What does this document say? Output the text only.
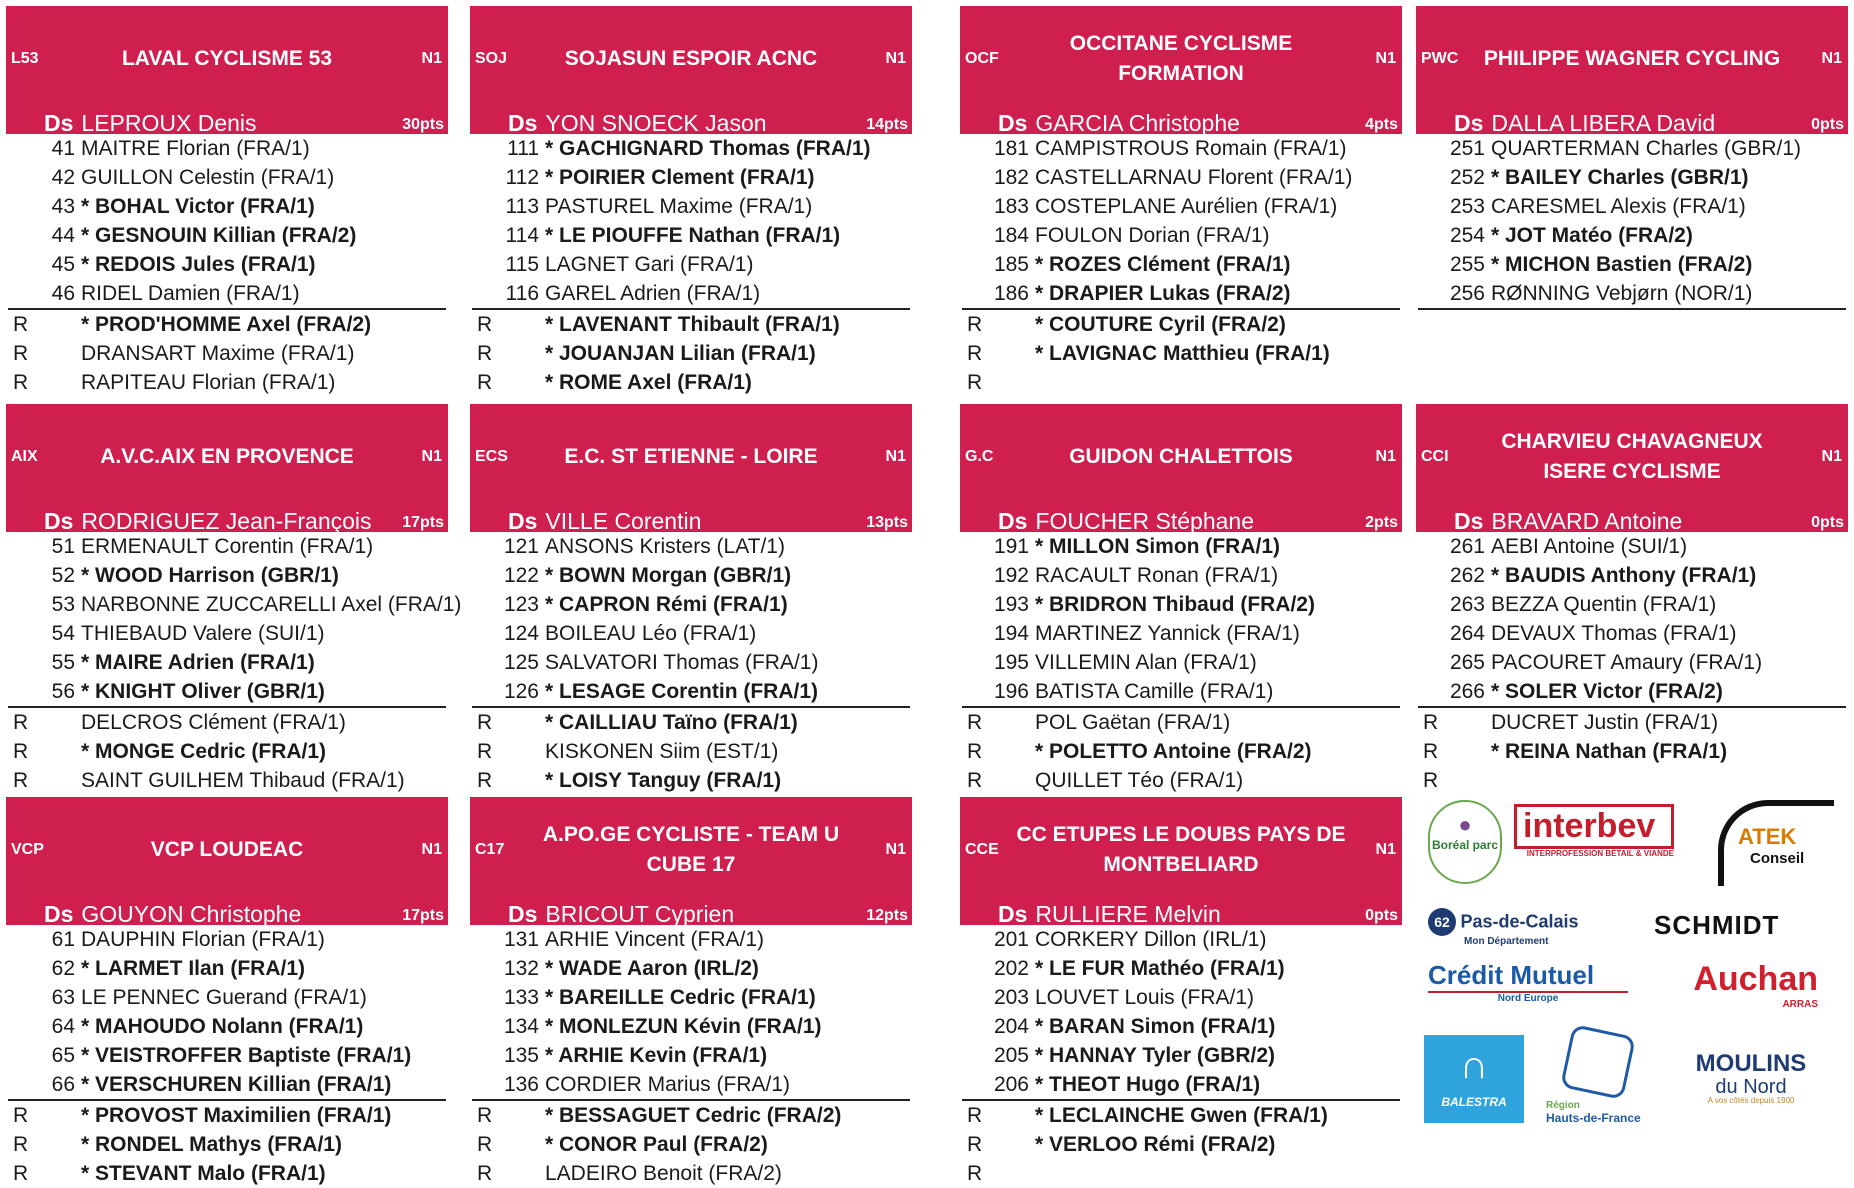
L53	LAVAL CYCLISME 53	N1
Ds LEPROUX Denis	30pts
41 MAITRE Florian (FRA/1)
42 GUILLON Celestin (FRA/1)
43 * BOHAL Victor (FRA/1)
44 * GESNOUIN Killian (FRA/2)
45 * REDOIS Jules (FRA/1)
46 RIDEL Damien (FRA/1)
R	* PROD'HOMME Axel (FRA/2)
R	DRANSART Maxime (FRA/1)
R	RAPITEAU Florian (FRA/1)
SOJ	SOJASUN ESPOIR ACNC	N1
Ds YON SNOECK Jason	14pts
111 * GACHIGNARD Thomas (FRA/1)
112 * POIRIER Clement (FRA/1)
113 PASTUREL Maxime (FRA/1)
114 * LE PIOUFFE Nathan (FRA/1)
115 LAGNET Gari (FRA/1)
116 GAREL Adrien (FRA/1)
R	* LAVENANT Thibault (FRA/1)
R	* JOUANJAN Lilian (FRA/1)
R	* ROME Axel (FRA/1)
OCF
OCCITANE CYCLISME FORMATION
N1
Ds GARCIA Christophe	4pts
181 CAMPISTROUS Romain (FRA/1)
182 CASTELLARNAU Florent (FRA/1)
183 COSTEPLANE Aurélien (FRA/1)
184 FOULON Dorian (FRA/1)
185 * ROZES Clément (FRA/1)
186 * DRAPIER Lukas (FRA/2)
R	* COUTURE Cyril (FRA/2)
R	* LAVIGNAC Matthieu (FRA/1)
R
PWC	PHILIPPE WAGNER CYCLING	N1
Ds DALLA LIBERA David	0pts
251 QUARTERMAN Charles (GBR/1)
252 * BAILEY Charles (GBR/1)
253 CARESMEL Alexis (FRA/1)
254 * JOT Matéo (FRA/2)
255 * MICHON Bastien (FRA/2)
256 RØNNING Vebjørn (NOR/1)
AIX	A.V.C.AIX EN PROVENCE	N1
Ds RODRIGUEZ Jean-François	17pts
51 ERMENAULT Corentin (FRA/1)
52 * WOOD Harrison (GBR/1)
53 NARBONNE ZUCCARELLI Axel (FRA/1)
54 THIEBAUD Valere (SUI/1)
55 * MAIRE Adrien (FRA/1)
56 * KNIGHT Oliver (GBR/1)
R	DELCROS Clément (FRA/1)
R	* MONGE Cedric (FRA/1)
R	SAINT GUILHEM Thibaud (FRA/1)
ECS	E.C. ST ETIENNE - LOIRE	N1
Ds VILLE Corentin	13pts
121 ANSONS Kristers (LAT/1)
122 * BOWN Morgan (GBR/1)
123 * CAPRON Rémi (FRA/1)
124 BOILEAU Léo (FRA/1)
125 SALVATORI Thomas (FRA/1)
126 * LESAGE Corentin (FRA/1)
R	* CAILLIAU Taïno (FRA/1)
R	KISKONEN Siim (EST/1)
R	* LOISY Tanguy (FRA/1)
G.C	GUIDON CHALETTOIS	N1
Ds FOUCHER Stéphane	2pts
191 * MILLON Simon (FRA/1)
192 RACAULT Ronan (FRA/1)
193 * BRIDRON Thibaud (FRA/2)
194 MARTINEZ Yannick (FRA/1)
195 VILLEMIN Alan (FRA/1)
196 BATISTA Camille (FRA/1)
R	POL Gaëtan (FRA/1)
R	* POLETTO Antoine (FRA/2)
R	QUILLET Téo (FRA/1)
CCI
CHARVIEU CHAVAGNEUX ISERE CYCLISME
N1
Ds BRAVARD Antoine	0pts
261 AEBI Antoine (SUI/1)
262 * BAUDIS Anthony (FRA/1)
263 BEZZA Quentin (FRA/1)
264 DEVAUX Thomas (FRA/1)
265 PACOURET Amaury (FRA/1)
266 * SOLER Victor (FRA/2)
R	DUCRET Justin (FRA/1)
R	* REINA Nathan (FRA/1)
R
VCP	VCP LOUDEAC	N1
Ds GOUYON Christophe	17pts
61 DAUPHIN Florian (FRA/1)
62 * LARMET Ilan (FRA/1)
63 LE PENNEC Guerand (FRA/1)
64 * MAHOUDO Nolann (FRA/1)
65 * VEISTROFFER Baptiste (FRA/1)
66 * VERSCHUREN Killian (FRA/1)
R	* PROVOST Maximilien (FRA/1)
R	* RONDEL Mathys (FRA/1)
R	* STEVANT Malo (FRA/1)
C17
A.PO.GE CYCLISTE - TEAM U CUBE 17
N1
Ds BRICOUT Cyprien	12pts
131 ARHIE Vincent (FRA/1)
132 * WADE Aaron (IRL/2)
133 * BAREILLE Cedric (FRA/1)
134 * MONLEZUN Kévin (FRA/1)
135 * ARHIE Kevin (FRA/1)
136 CORDIER Marius (FRA/1)
R	* BESSAGUET Cedric (FRA/2)
R	* CONOR Paul (FRA/2)
R	LADEIRO Benoit (FRA/2)
CCE
CC ETUPES LE DOUBS PAYS DE MONTBELIARD
N1
Ds RULLIERE Melvin	0pts
201 CORKERY Dillon (IRL/1)
202 * LE FUR Mathéo (FRA/1)
203 LOUVET Louis (FRA/1)
204 * BARAN Simon (FRA/1)
205 * HANNAY Tyler (GBR/2)
206 * THEOT Hugo (FRA/1)
R	* LECLAINCHE Gwen (FRA/1)
R	* VERLOO Rémi (FRA/2)
R
●
Boréal parc interbev
INTERPROFESSION BÉTAIL & VIANDE
ATEK
Conseil
62 Pas-de-Calais
Mon Département
SCHMIDT
Crédit Mutuel
Nord Europe
Auchan
ARRAS
∩
BALESTRA	Région
Hauts-de-France
MOULINS
du Nord
A vos côtés depuis 1900
